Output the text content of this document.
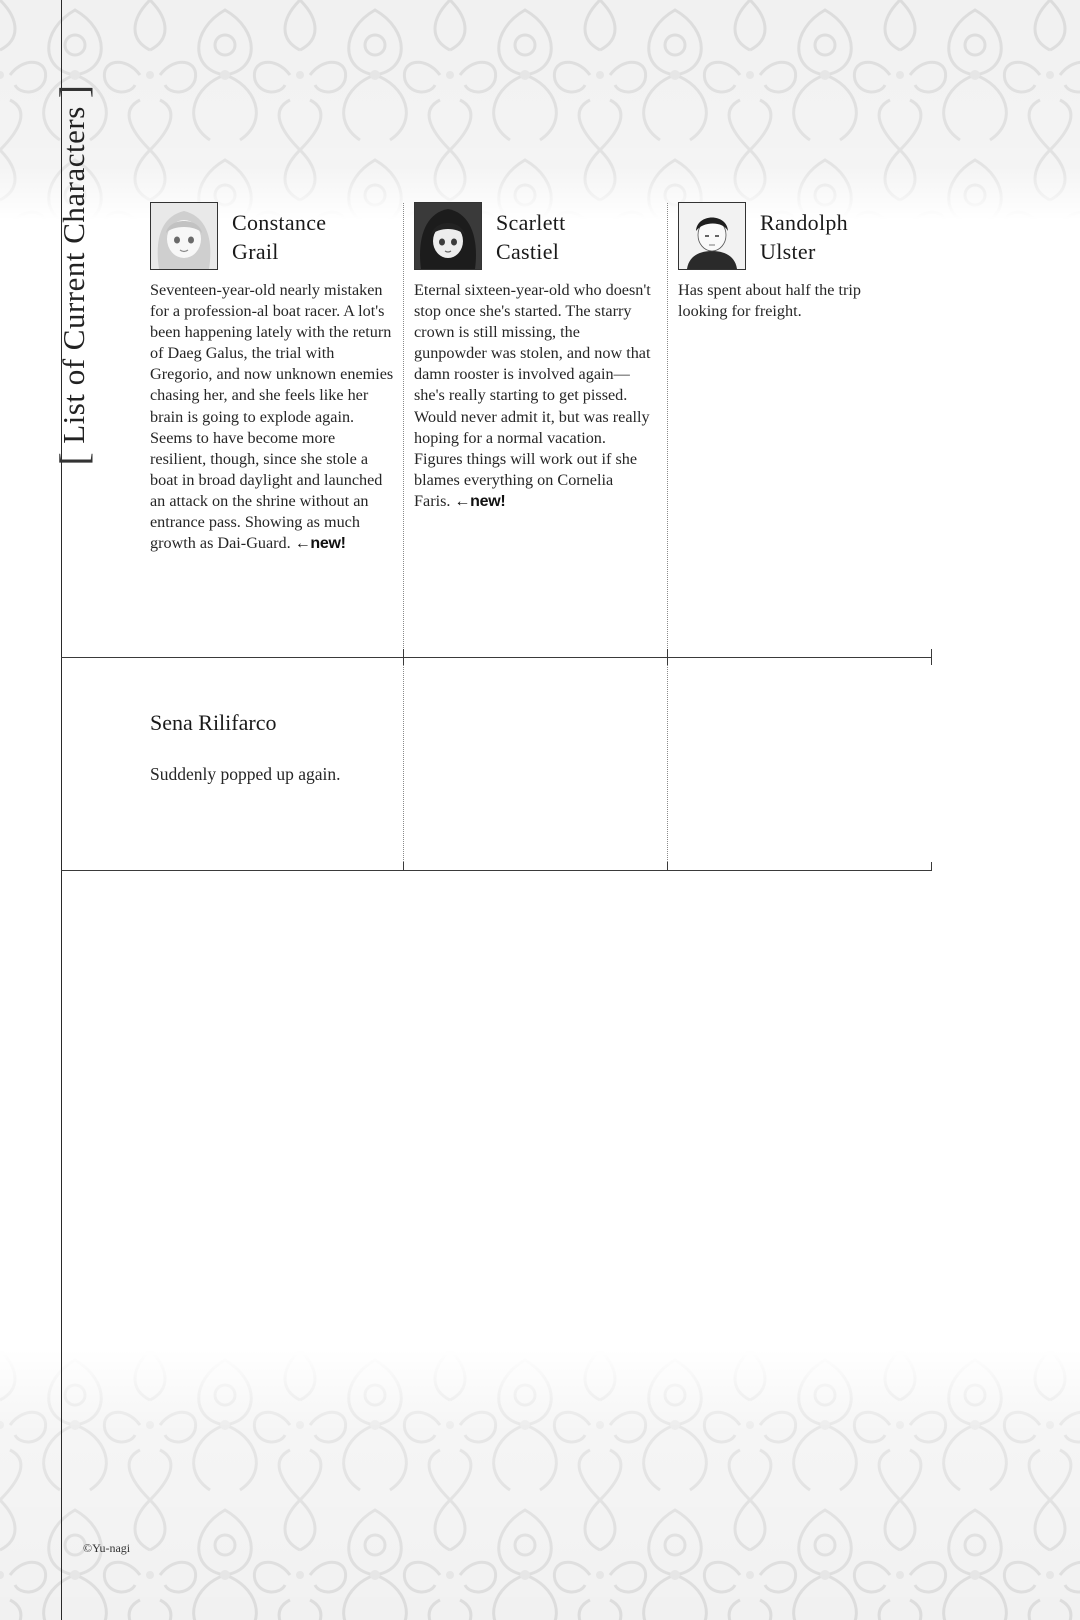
[
List of Current Characters
]
Constance
Grail
Seventeen-year-old nearly mistaken for a profession-al boat racer. A lot's been happening lately with the return of Daeg Galus, the trial with Gregorio, and now unknown enemies chasing her, and she feels like her brain is going to explode again. Seems to have become more resilient, though, since she stole a boat in broad daylight and launched an attack on the shrine without an entrance pass. Showing as much growth as Dai-Guard. ←new!
Scarlett
Castiel
Eternal sixteen-year-old who doesn't stop once she's started. The starry crown is still missing, the gunpowder was stolen, and now that damn rooster is involved again—she's really starting to get pissed. Would never admit it, but was really hoping for a normal vacation. Figures things will work out if she blames everything on Cornelia Faris. ←new!
Randolph
Ulster
Has spent about half the trip looking for freight.
Sena Rilifarco
Suddenly popped up again.
©Yu-nagi
